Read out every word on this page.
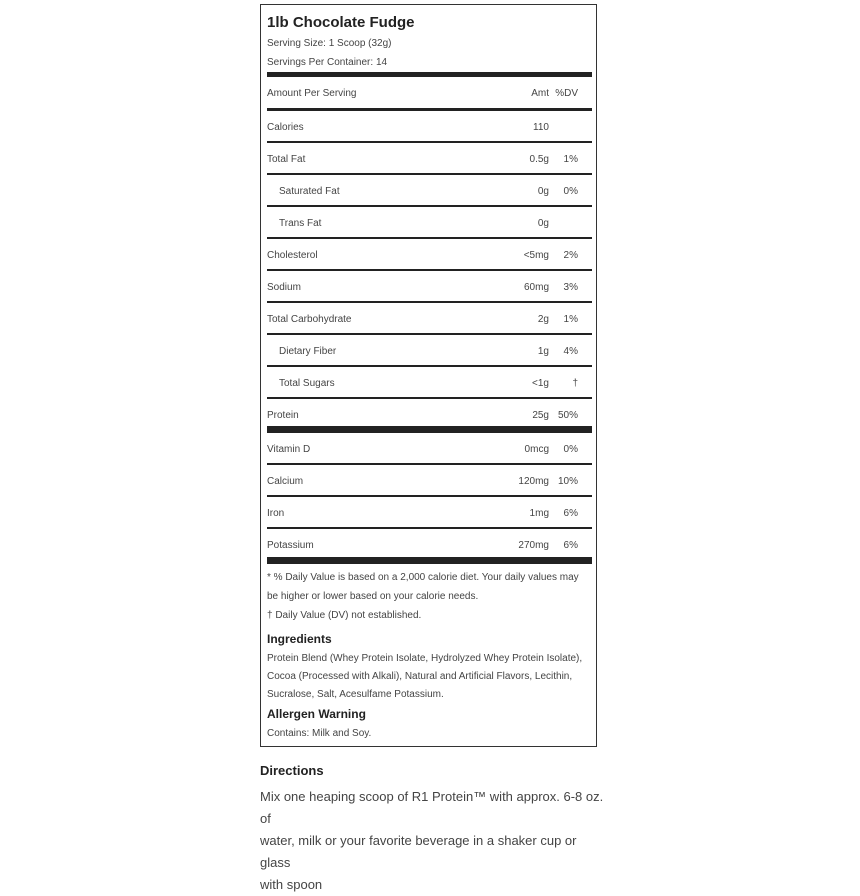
1lb Chocolate Fudge
Serving Size: 1 Scoop (32g)
Servings Per Container: 14
Amount Per Serving	Amt %DV
Calories	110
Total Fat	0.5g 1%
Saturated Fat	0g 0%
Trans Fat	0g
Cholesterol	<5mg 2%
Sodium	60mg 3%
Total Carbohydrate	2g 1%
Dietary Fiber	1g 4%
Total Sugars	<1g †
Protein	25g 50%
Vitamin D	0mcg 0%
Calcium	120mg 10%
Iron	1mg 6%
Potassium	270mg 6%

* % Daily Value is based on a 2,000 calorie diet. Your daily values may

be higher or lower based on your calorie needs.

† Daily Value (DV) not established.

Ingredients

Protein Blend (Whey Protein Isolate, Hydrolyzed Whey Protein Isolate),

Cocoa (Processed with Alkali), Natural and Artificial Flavors, Lecithin,

Sucralose, Salt, Acesulfame Potassium.

Allergen Warning

Contains: Milk and Soy.

Directions
Mix one heaping scoop of R1 Protein™ with approx. 6-8 oz. of
water, milk or your favorite beverage in a shaker cup or glass
with spoon
